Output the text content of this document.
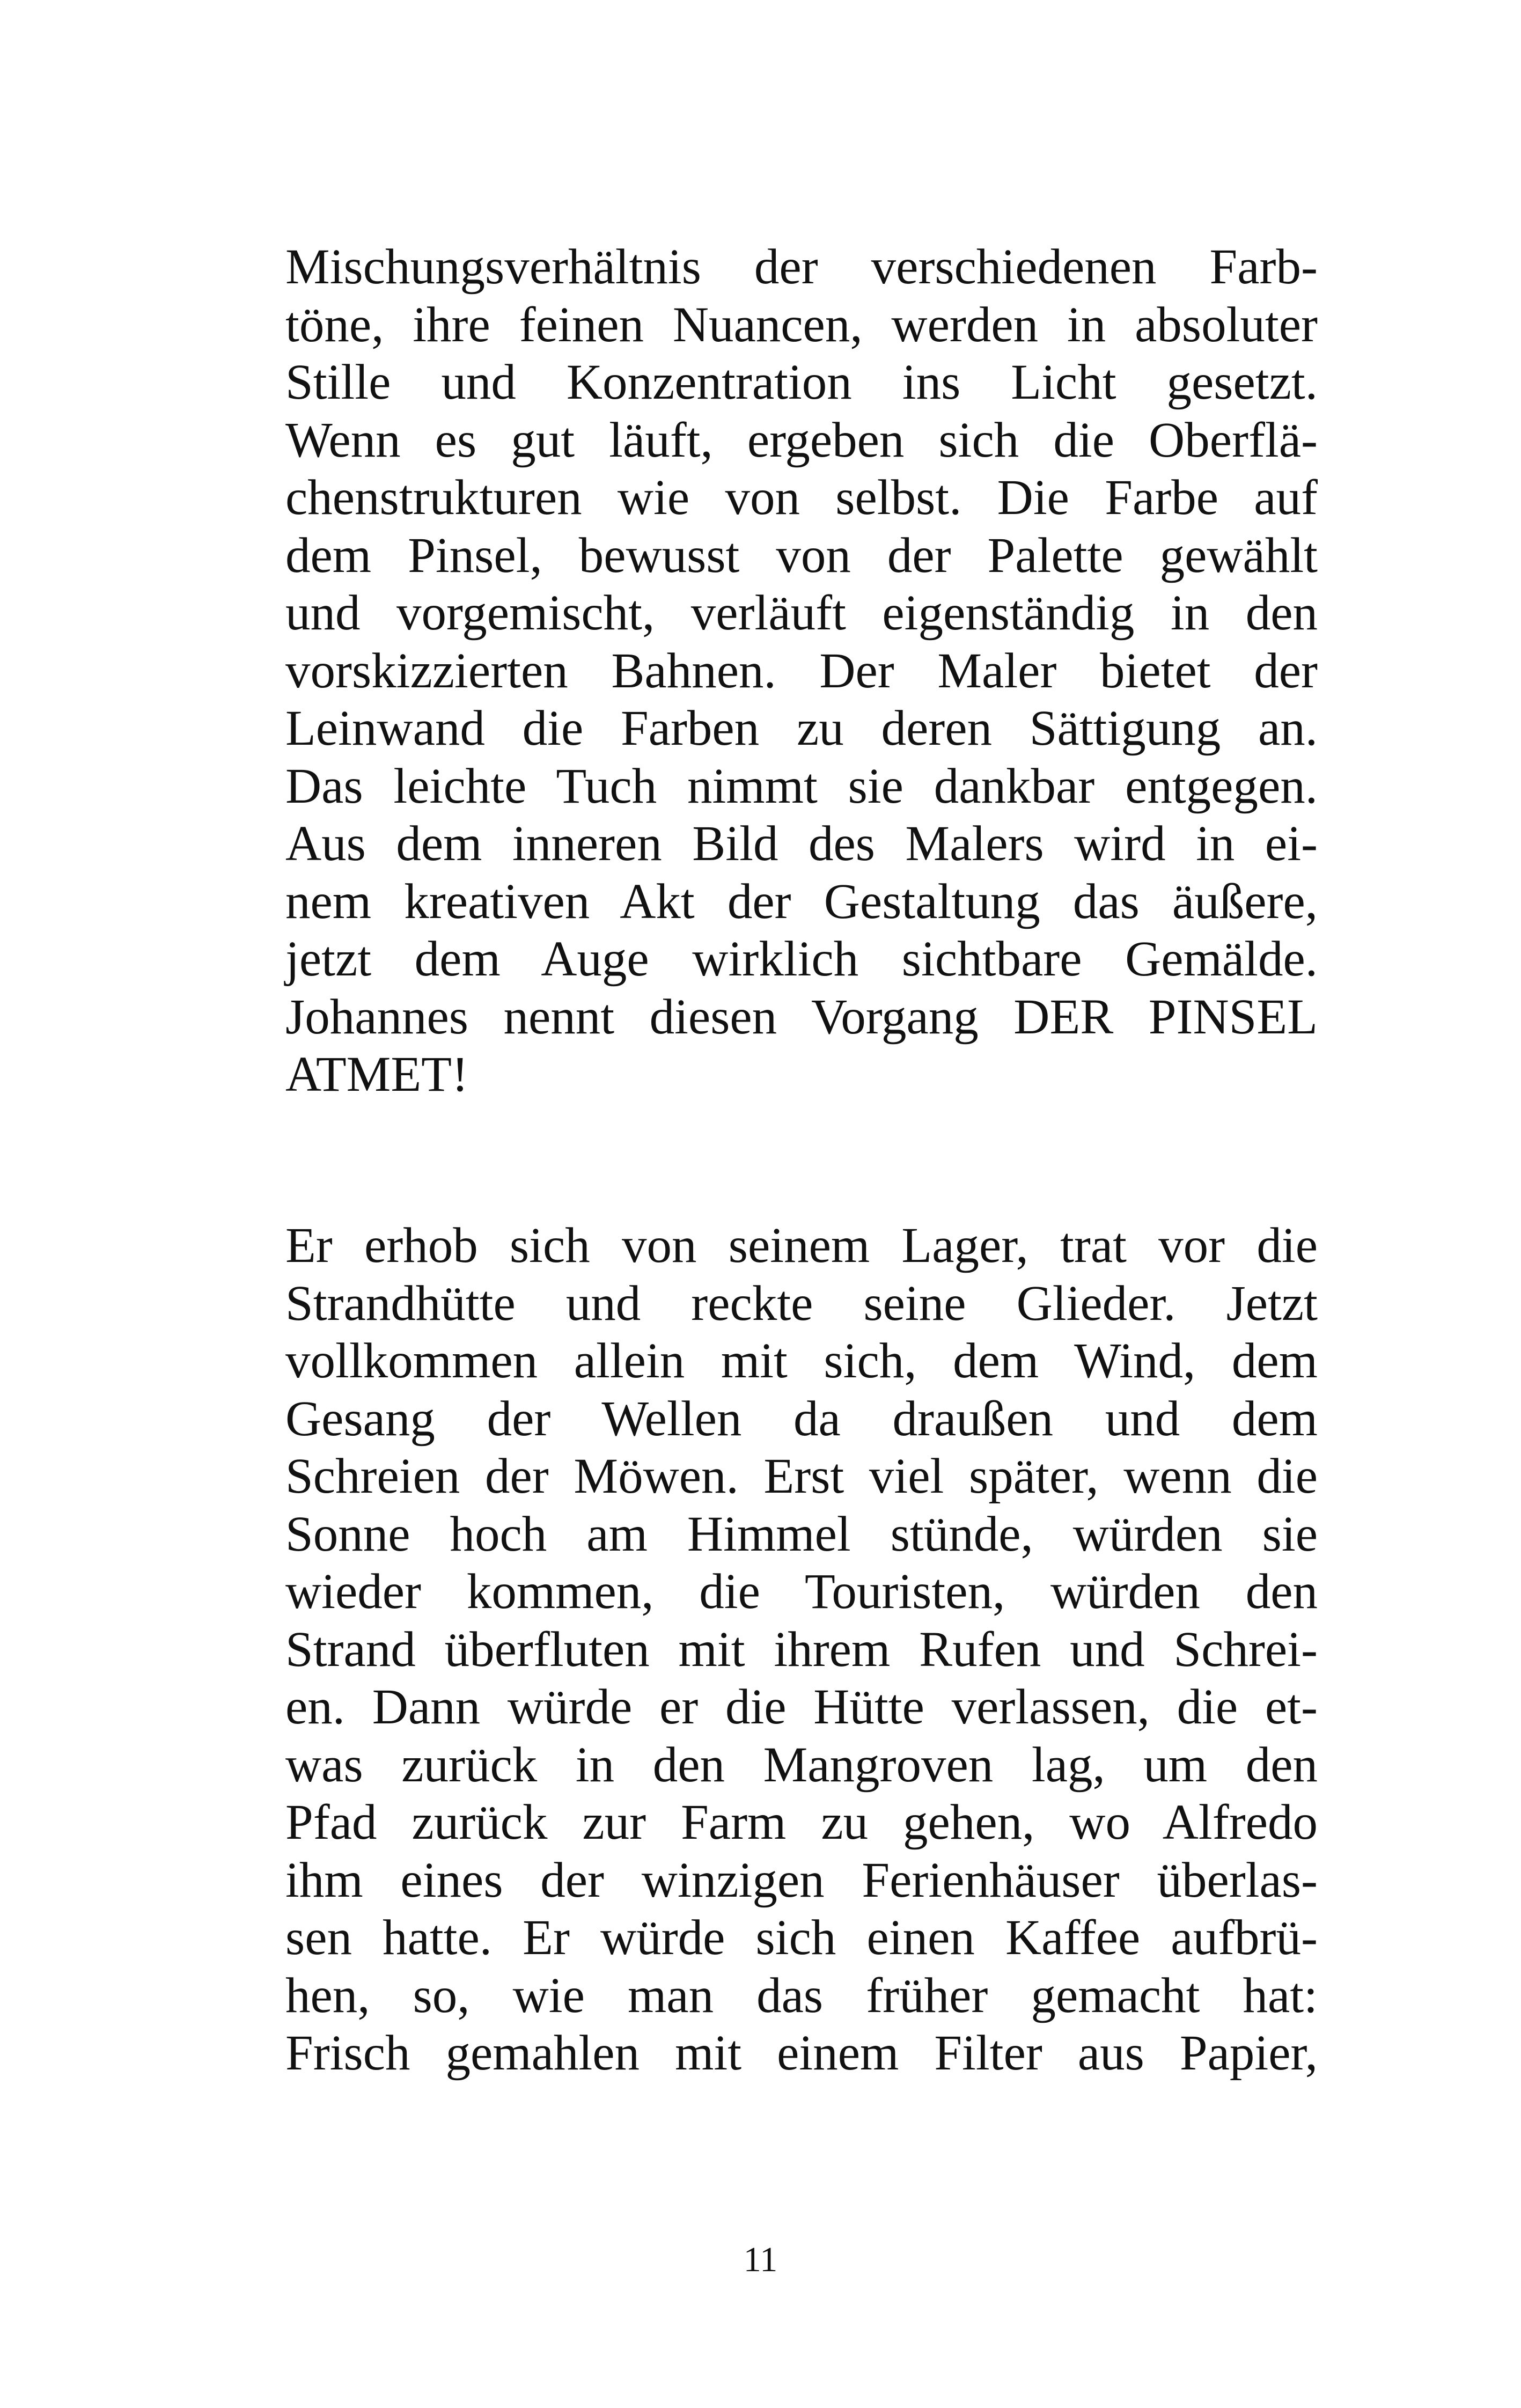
Mischungsverhältnis der verschiedenen Farb-
töne, ihre feinen Nuancen, werden in absoluter
Stille und Konzentration ins Licht gesetzt.
Wenn es gut läuft, ergeben sich die Oberflä-
chenstrukturen wie von selbst. Die Farbe auf
dem Pinsel, bewusst von der Palette gewählt
und vorgemischt, verläuft eigenständig in den
vorskizzierten Bahnen. Der Maler bietet der
Leinwand die Farben zu deren Sättigung an.
Das leichte Tuch nimmt sie dankbar entgegen.
Aus dem inneren Bild des Malers wird in ei-
nem kreativen Akt der Gestaltung das äußere,
jetzt dem Auge wirklich sichtbare Gemälde.
Johannes nennt diesen Vorgang DER PINSEL
ATMET!
Er erhob sich von seinem Lager, trat vor die
Strandhütte und reckte seine Glieder. Jetzt
vollkommen allein mit sich, dem Wind, dem
Gesang der Wellen da draußen und dem
Schreien der Möwen. Erst viel später, wenn die
Sonne hoch am Himmel stünde, würden sie
wieder kommen, die Touristen, würden den
Strand überfluten mit ihrem Rufen und Schrei-
en. Dann würde er die Hütte verlassen, die et-
was zurück in den Mangroven lag, um den
Pfad zurück zur Farm zu gehen, wo Alfredo
ihm eines der winzigen Ferienhäuser überlas-
sen hatte. Er würde sich einen Kaffee aufbrü-
hen, so, wie man das früher gemacht hat:
Frisch gemahlen mit einem Filter aus Papier,
11
